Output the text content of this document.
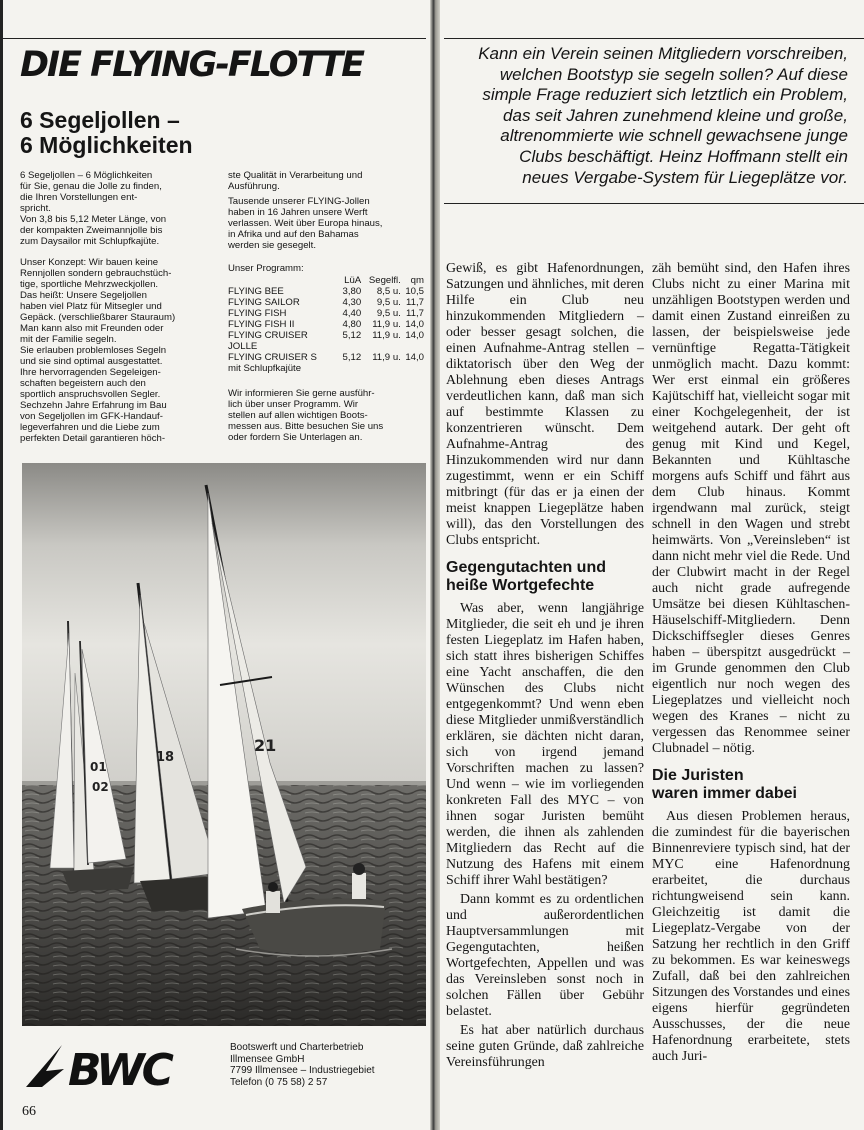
DIE FLYING-FLOTTE
6 Segeljollen –
6 Möglichkeiten

6 Segeljollen – 6 Möglichkeiten
für Sie, genau die Jolle zu finden,
die Ihren Vorstellungen ent-
spricht.
Von 3,8 bis 5,12 Meter Länge, von
der kompakten Zweimannjolle bis
zum Daysailor mit Schlupfkajüte.

Unser Konzept: Wir bauen keine
Rennjollen sondern gebrauchstüch-
tige, sportliche Mehrzweckjollen.
Das heißt: Unsere Segeljollen
haben viel Platz für Mitsegler und
Gepäck. (verschließbarer Stauraum)
Man kann also mit Freunden oder
mit der Familie segeln.
Sie erlauben problemloses Segeln
und sie sind optimal ausgestattet.
Ihre hervorragenden Segeleigen-
schaften begeistern auch den
sportlich anspruchsvollen Segler.
Sechzehn Jahre Erfahrung im Bau
von Segeljollen im GFK-Handauf-
legeverfahren und die Liebe zum
perfekten Detail garantieren höch-

ste Qualität in Verarbeitung und
Ausführung.

Tausende unserer FLYING-Jollen
haben in 16 Jahren unsere Werft
verlassen. Weit über Europa hinaus,
in Afrika und auf den Bahamas
werden sie gesegelt.

Unser Programm:
	LüA	Segelfl.	qm
FLYING BEE	3,80	8,5 u.	10,5
FLYING SAILOR	4,30	9,5 u.	11,7
FLYING FISH	4,40	9,5 u.	11,7
FLYING FISH II	4,80	11,9 u.	14,0
FLYING CRUISER	5,12	11,9 u.	14,0
JOLLE			
FLYING CRUISER S	5,12	11,9 u.	14,0
mit Schlupfkajüte			

Wir informieren Sie gerne ausführ-
lich über unser Programm. Wir
stellen auf allen wichtigen Boots-
messen aus. Bitte besuchen Sie uns
oder fordern Sie Unterlagen an.

01
02
18
21
BWC	Bootswerft und Charterbetrieb
Illmensee GmbH
7799 Illmensee – Industriegebiet
Telefon (0 75 58) 2 57
66
Kann ein Verein seinen Mitgliedern vorschreiben,
welchen Bootstyp sie segeln sollen? Auf diese
simple Frage reduziert sich letztlich ein Problem,
das seit Jahren zunehmend kleine und große,
altrenommierte wie schnell gewachsene junge
Clubs beschäftigt. Heinz Hoffmann stellt ein
neues Vergabe-System für Liegeplätze vor.

Gewiß, es gibt Hafenordnungen, Satzungen und ähnliches, mit deren Hilfe ein Club neu hinzukommenden Mitgliedern – oder besser gesagt solchen, die einen Aufnahme-Antrag stellen – diktatorisch über den Weg der Ablehnung eben dieses Antrags verdeutlichen kann, daß man sich auf bestimmte Klassen zu konzentrieren wünscht. Dem Aufnahme-Antrag des Hinzukommenden wird nur dann zugestimmt, wenn er ein Schiff mitbringt (für das er ja einen der meist knappen Liegeplätze haben will), das den Vorstellungen des Clubs entspricht.

Gegengutachten und
heiße Wortgefechte

Was aber, wenn langjährige Mitglieder, die seit eh und je ihren festen Liegeplatz im Hafen haben, sich statt ihres bisherigen Schiffes eine Yacht anschaffen, die den Wünschen des Clubs nicht entgegenkommt? Und wenn eben diese Mitglieder unmißverständlich erklären, sie dächten nicht daran, sich von irgend jemand Vorschriften machen zu lassen? Und wenn – wie im vorliegenden konkreten Fall des MYC – von ihnen sogar Juristen bemüht werden, die ihnen als zahlenden Mitgliedern das Recht auf die Nutzung des Hafens mit einem Schiff ihrer Wahl bestätigen?

Dann kommt es zu ordentlichen und außerordentlichen Hauptversammlungen mit Gegengutachten, heißen Wortgefechten, Appellen und was das Vereinsleben sonst noch in solchen Fällen über Gebühr belastet.

Es hat aber natürlich durchaus seine guten Gründe, daß zahlreiche Vereinsführungen

zäh bemüht sind, den Hafen ihres Clubs nicht zu einer Marina mit unzähligen Bootstypen werden und damit einen Zustand einreißen zu lassen, der beispielsweise jede vernünftige Regatta-Tätigkeit unmöglich macht. Dazu kommt: Wer erst einmal ein größeres Kajütschiff hat, vielleicht sogar mit einer Kochgelegenheit, der ist weitgehend autark. Der geht oft genug mit Kind und Kegel, Bekannten und Kühltasche morgens aufs Schiff und fährt aus dem Club hinaus. Kommt irgendwann mal zurück, steigt schnell in den Wagen und strebt heimwärts. Von „Vereinsleben“ ist dann nicht mehr viel die Rede. Und der Clubwirt macht in der Regel auch nicht grade aufregende Umsätze bei diesen Kühltaschen-Häuselschiff-Mitgliedern. Denn Dickschiffsegler dieses Genres haben – überspitzt ausgedrückt – im Grunde genommen den Club eigentlich nur noch wegen des Liegeplatzes und vielleicht noch wegen des Kranes – nicht zu vergessen das Renommee seiner Clubnadel – nötig.

Die Juristen
waren immer dabei

Aus diesen Problemen heraus, die zumindest für die bayerischen Binnenreviere typisch sind, hat der MYC eine Hafenordnung erarbeitet, die durchaus richtungweisend sein kann. Gleichzeitig ist damit die Liegeplatz-Vergabe von der Satzung her rechtlich in den Griff zu bekommen. Es war keineswegs Zufall, daß bei den zahlreichen Sitzungen des Vorstandes und eines eigens hierfür gegründeten Ausschusses, der die neue Hafenordnung erarbeitete, stets auch Juri-
